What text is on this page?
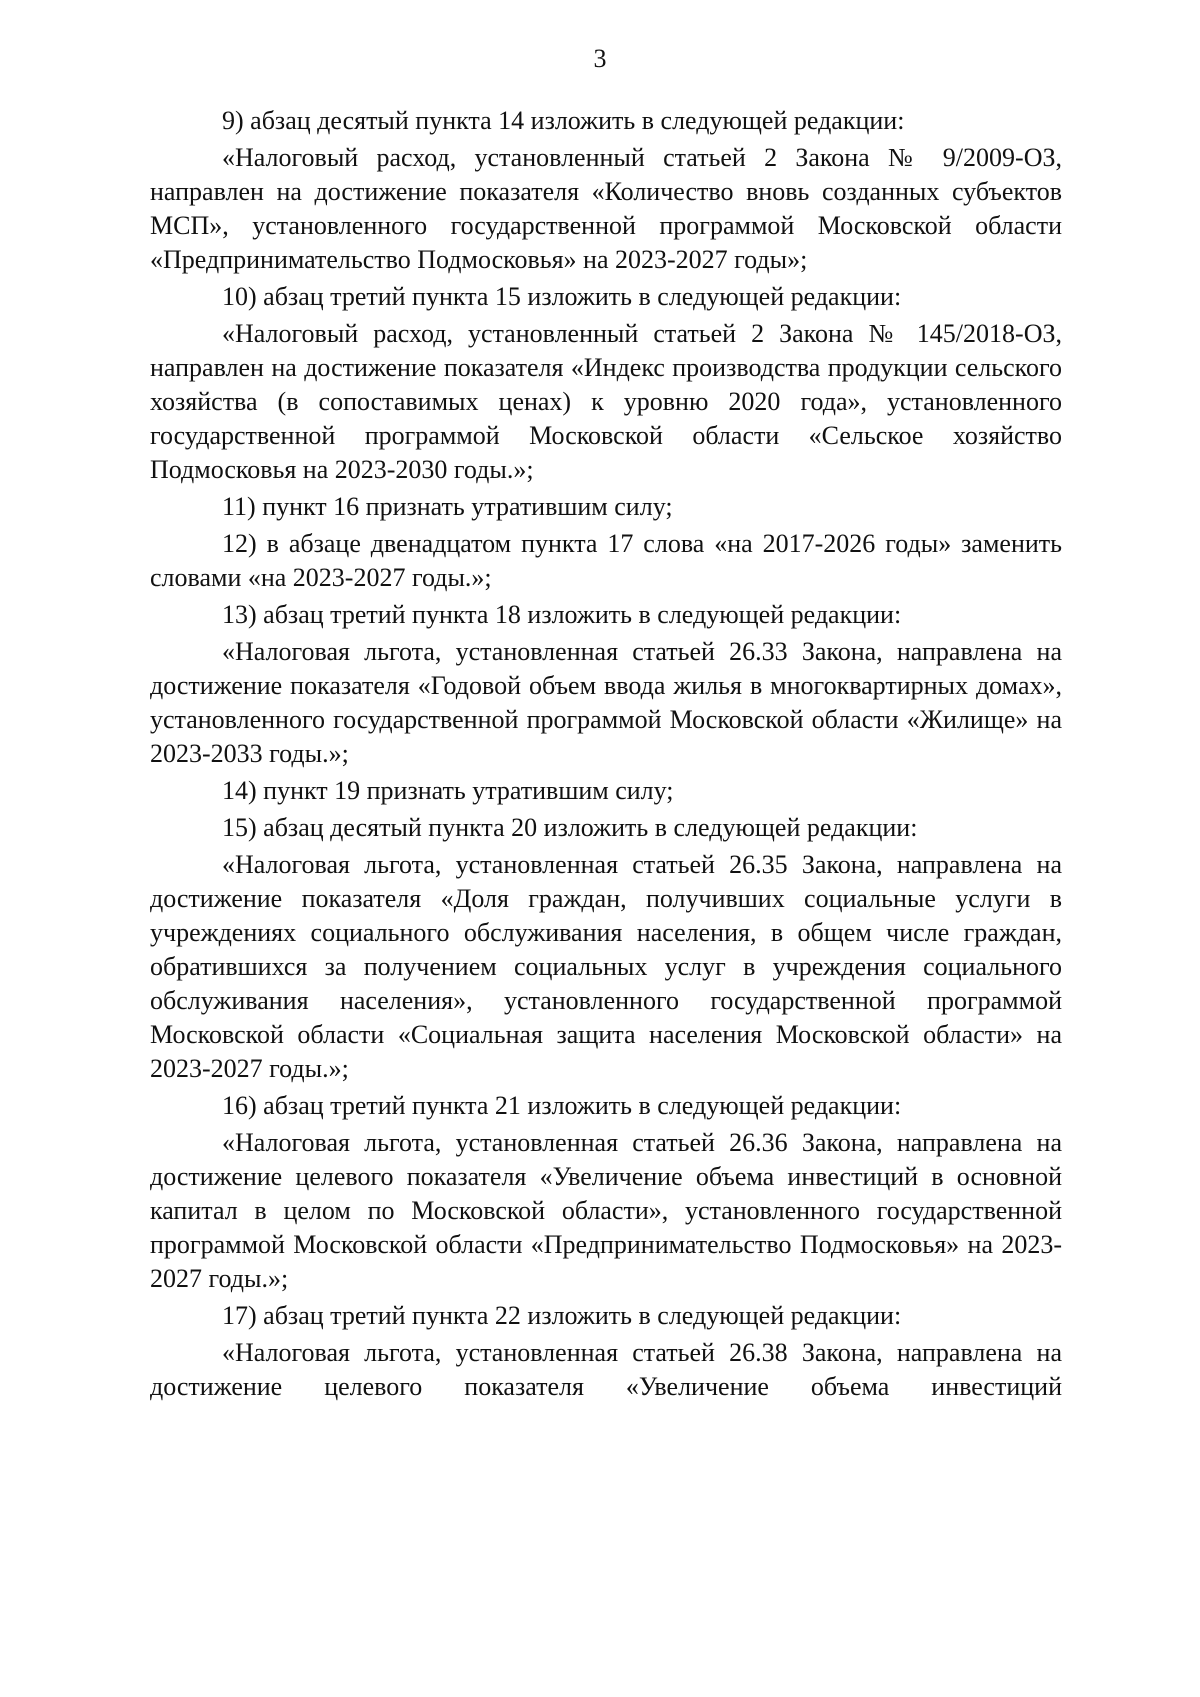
3

9) абзац десятый пункта 14 изложить в следующей редакции:

«Налоговый расход, установленный статьей 2 Закона № 9/2009-ОЗ, направлен на достижение показателя «Количество вновь созданных субъектов МСП», установленного государственной программой Московской области «Предпринимательство Подмосковья» на 2023-2027 годы»;

10) абзац третий пункта 15 изложить в следующей редакции:

«Налоговый расход, установленный статьей 2 Закона № 145/2018-ОЗ, направлен на достижение показателя «Индекс производства продукции сельского хозяйства (в сопоставимых ценах) к уровню 2020 года», установленного государственной программой Московской области «Сельское хозяйство Подмосковья на 2023-2030 годы.»;

11) пункт 16 признать утратившим силу;

12) в абзаце двенадцатом пункта 17 слова «на 2017-2026 годы» заменить словами «на 2023-2027 годы.»;

13) абзац третий пункта 18 изложить в следующей редакции:

«Налоговая льгота, установленная статьей 26.33 Закона, направлена на достижение показателя «Годовой объем ввода жилья в многоквартирных домах», установленного государственной программой Московской области «Жилище» на 2023-2033 годы.»;

14) пункт 19 признать утратившим силу;

15) абзац десятый пункта 20 изложить в следующей редакции:

«Налоговая льгота, установленная статьей 26.35 Закона, направлена на достижение показателя «Доля граждан, получивших социальные услуги в учреждениях социального обслуживания населения, в общем числе граждан, обратившихся за получением социальных услуг в учреждения социального обслуживания населения», установленного государственной программой Московской области «Социальная защита населения Московской области» на 2023-2027 годы.»;

16) абзац третий пункта 21 изложить в следующей редакции:

«Налоговая льгота, установленная статьей 26.36 Закона, направлена на достижение целевого показателя «Увеличение объема инвестиций в основной капитал в целом по Московской области», установленного государственной программой Московской области «Предпринимательство Подмосковья» на 2023-2027 годы.»;

17) абзац третий пункта 22 изложить в следующей редакции:

«Налоговая льгота, установленная статьей 26.38 Закона, направлена на достижение целевого показателя «Увеличение объема инвестиций
